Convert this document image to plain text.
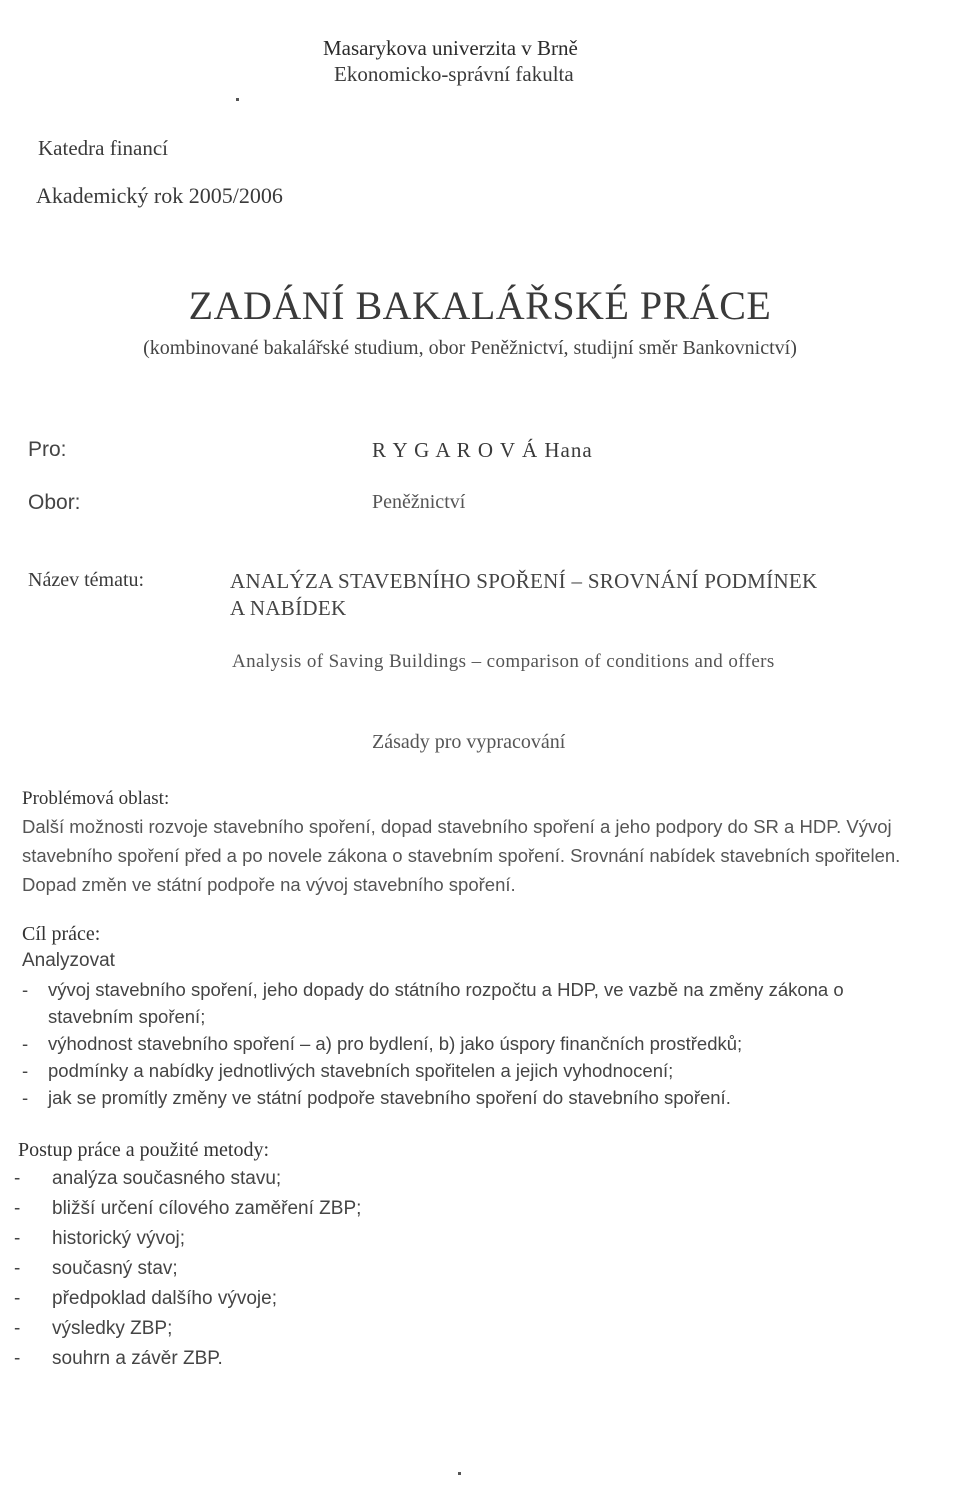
Masarykova univerzita v Brně
Ekonomicko-správní fakulta
Katedra financí
Akademický rok 2005/2006
ZADÁNÍ BAKALÁŘSKÉ PRÁCE
(kombinované bakalářské studium, obor Peněžnictví, studijní směr Bankovnictví)
Pro:	R Y G A R O V Á Hana
Obor:	Peněžnictví
Název tématu:	ANALÝZA STAVEBNÍHO SPOŘENÍ – SROVNÁNÍ PODMÍNEK
A NABÍDEK
Analysis of Saving Buildings – comparison of conditions and offers
Zásady pro vypracování
Problémová oblast:
Další možnosti rozvoje stavebního spoření, dopad stavebního spoření a jeho podpory do SR a HDP. Vývoj stavebního spoření před a po novele zákona o stavebním spoření. Srovnání nabídek stavebních spořitelen. Dopad změn ve státní podpoře na vývoj stavebního spoření.
Cíl práce:
Analyzovat
- vývoj stavebního spoření, jeho dopady do státního rozpočtu a HDP, ve vazbě na změny zákona o stavebním spoření;
- výhodnost stavebního spoření – a) pro bydlení, b) jako úspory finančních prostředků;
- podmínky a nabídky jednotlivých stavebních spořitelen a jejich vyhodnocení;
- jak se promítly změny ve státní podpoře stavebního spoření do stavebního spoření.
Postup práce a použité metody:
- analýza současného stavu;
- bližší určení cílového zaměření ZBP;
- historický vývoj;
- současný stav;
- předpoklad dalšího vývoje;
- výsledky ZBP;
- souhrn a závěr ZBP.
